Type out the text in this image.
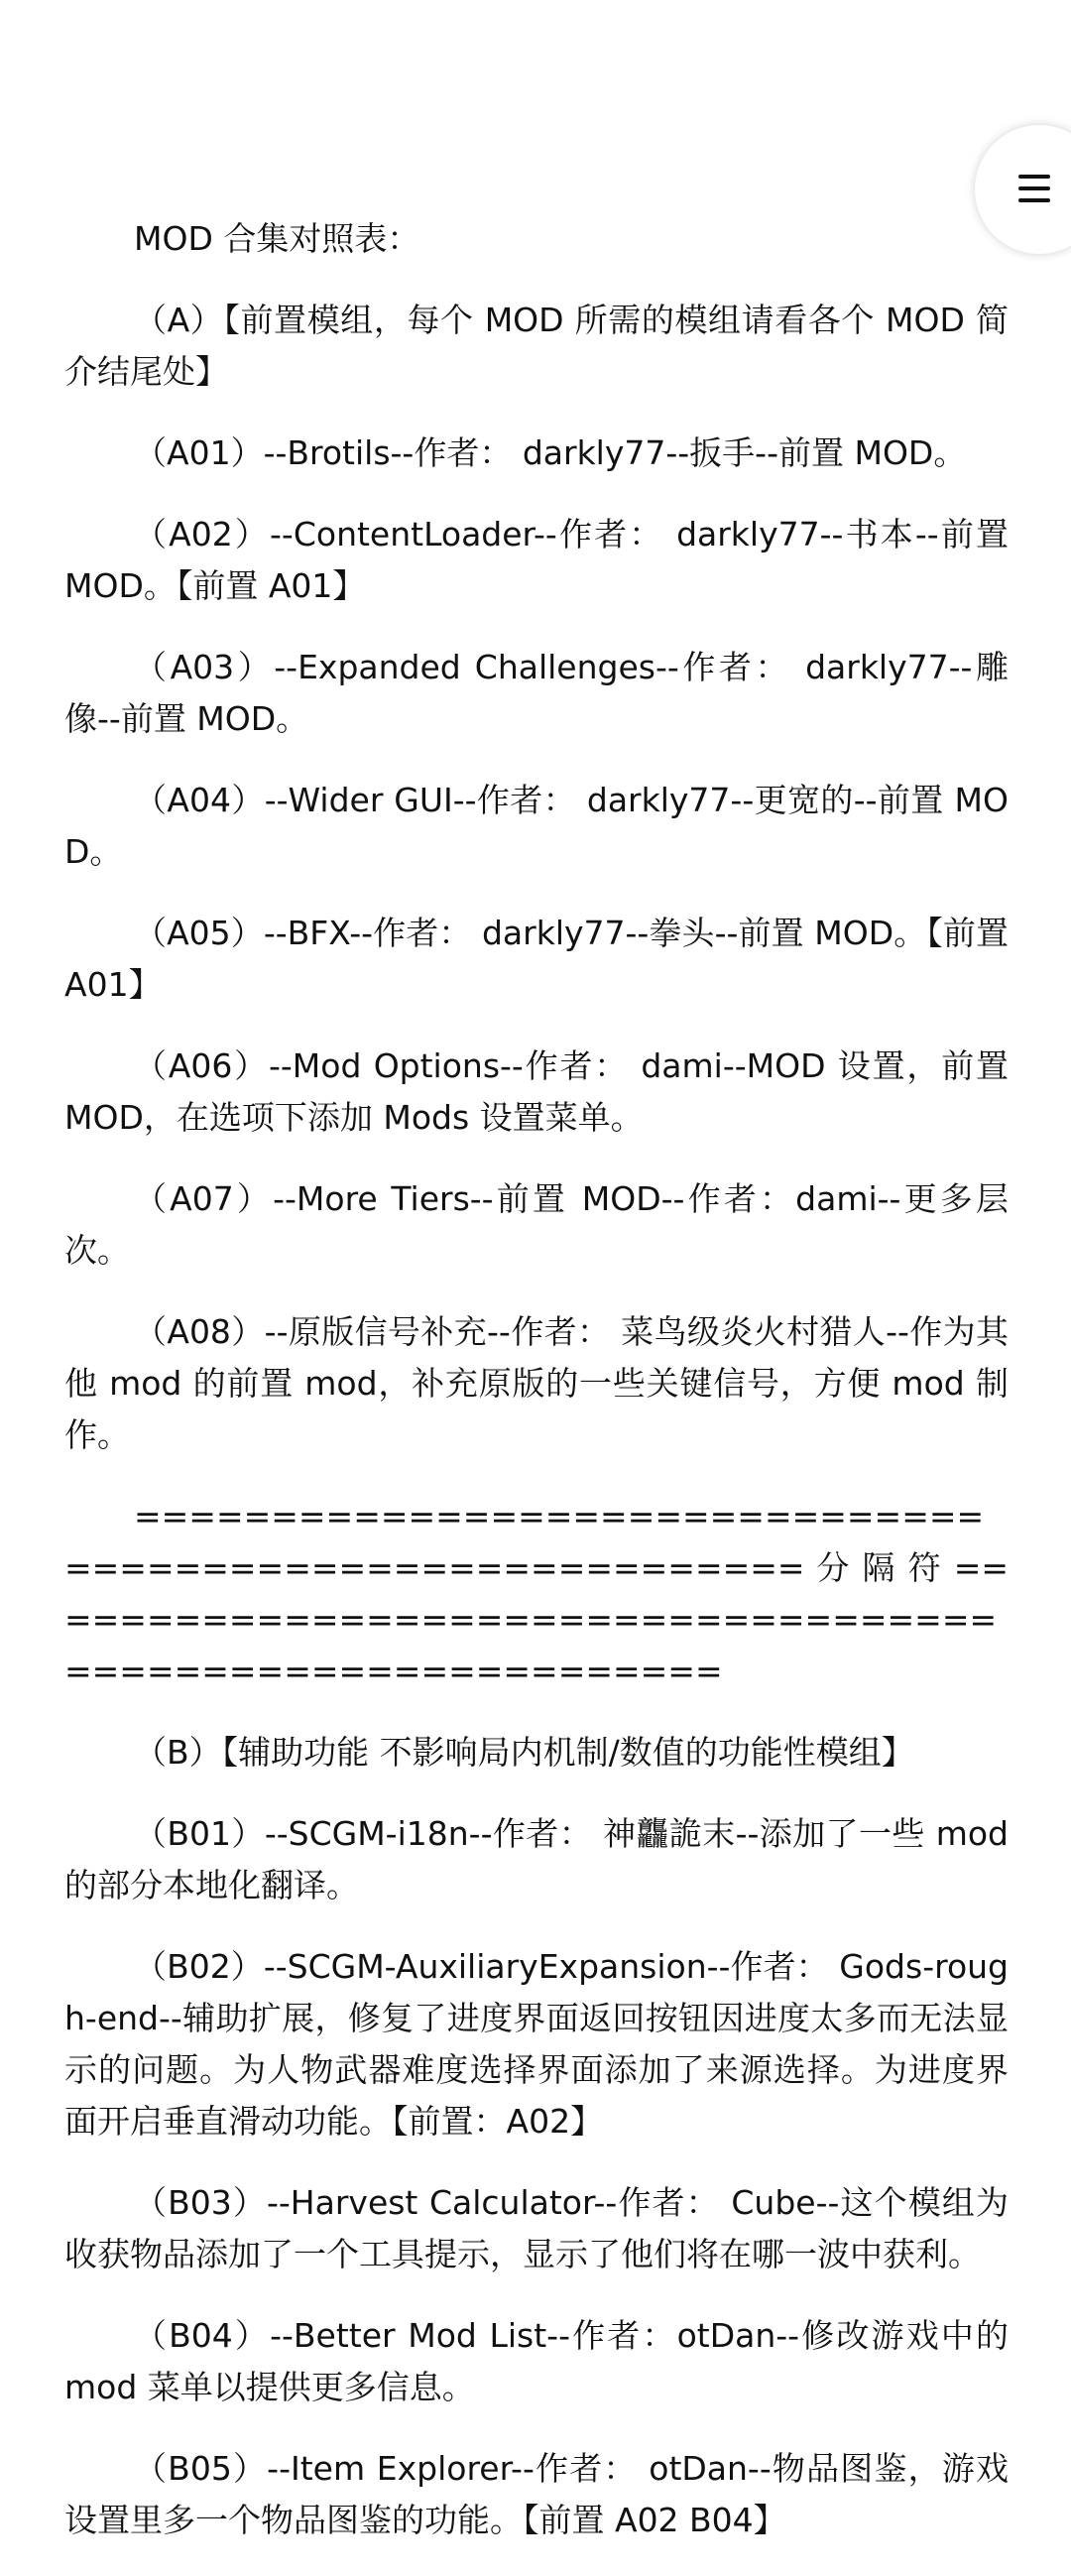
MOD 合集对照表：

（A）【前置模组，每个 MOD 所需的模组请看各个 MOD 简介结尾处】

（A01）--Brotils--作者： darkly77--扳手--前置 MOD。

（A02）--ContentLoader--作者： darkly77--书本--前置 MOD。【前置 A01】

（A03）--Expanded Challenges--作者： darkly77--雕像--前置 MOD。

（A04）--Wider GUI--作者： darkly77--更宽的--前置 MOD。

（A05）--BFX--作者： darkly77--拳头--前置 MOD。【前置 A01】

（A06）--Mod Options--作者： dami--MOD 设置，前置 MOD，在选项下添加 Mods 设置菜单。

（A07）--More Tiers--前置 MOD--作者：dami--更多层次。

（A08）--原版信号补充--作者： 菜鸟级炎火村猎人--作为其他 mod 的前置 mod，补充原版的一些关键信号，方便 mod 制作。

========================================================== 分 隔 符 ============================================================

（B）【辅助功能 不影响局内机制/数值的功能性模组】

（B01）--SCGM-i18n--作者： 神龘詭末--添加了一些 mod 的部分本地化翻译。

（B02）--SCGM-AuxiliaryExpansion--作者： Gods-rough-end--辅助扩展，修复了进度界面返回按钮因进度太多而无法显示的问题。为人物武器难度选择界面添加了来源选择。为进度界面开启垂直滑动功能。【前置：A02】

（B03）--Harvest Calculator--作者： Cube--这个模组为收获物品添加了一个工具提示，显示了他们将在哪一波中获利。

（B04）--Better Mod List--作者：otDan--修改游戏中的 mod 菜单以提供更多信息。

（B05）--Item Explorer--作者： otDan--物品图鉴，游戏设置里多一个物品图鉴的功能。【前置 A02 B04】
